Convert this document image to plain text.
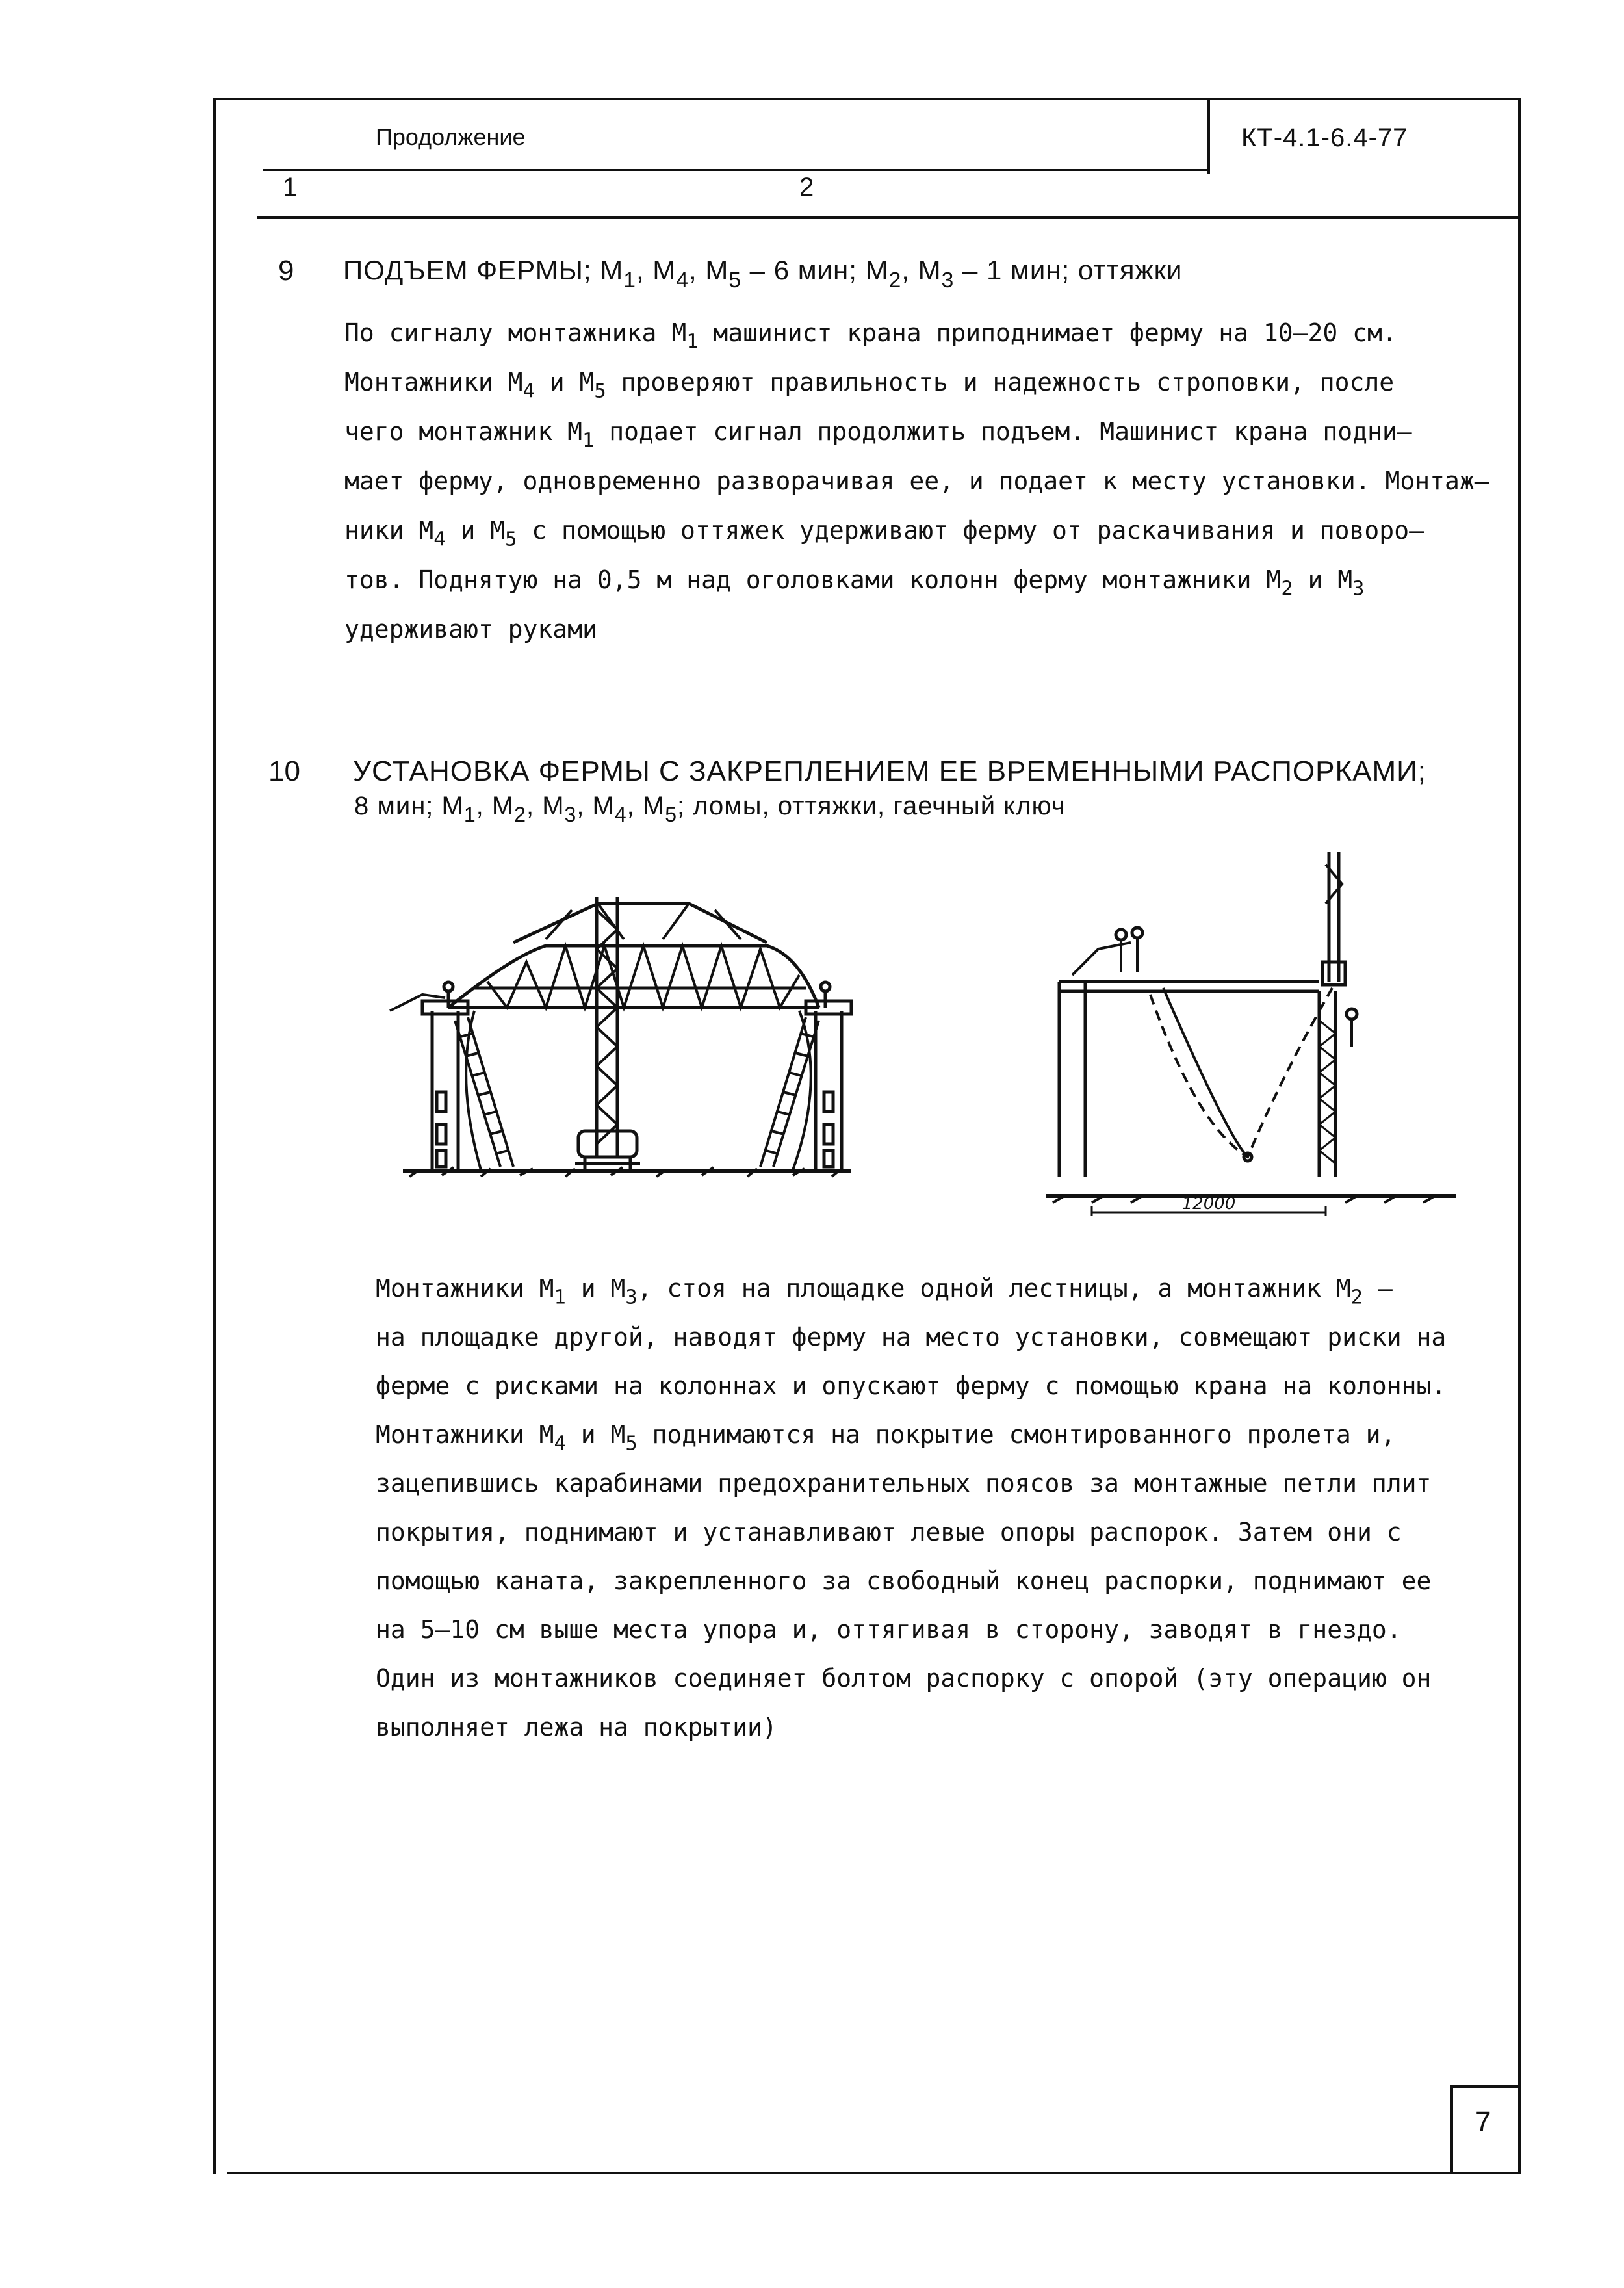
Продолжение	КТ-4.1-6.4-77
1	2
9 ПОДЪЕМ ФЕРМЫ; $М_1$, $М_4$, $М_5 - 6$ мин; $М_2$, $М_3 - 1$ мин; оттяжки
По сигналу монтажника $М_1$ машинист крана приподнимает ферму на 10–20 см.
Монтажники $М_4$ и $М_5$ проверяют правильность и надежность строповки, после
чего монтажник $М_1$ подает сигнал продолжить подъем. Машинист крана подни–
мает ферму, одновременно разворачивая ее, и подает к месту установки. Монтаж–
ники $М_4$ и $М_5$ с помощью оттяжек удерживают ферму от раскачивания и поворо–
тов. Поднятую на 0,5 м над оголовками колонн ферму монтажники $М_2$ и $М_3$
удерживают руками
10 УСТАНОВКА ФЕРМЫ С ЗАКРЕПЛЕНИЕМ ЕЕ ВРЕМЕННЫМИ РАСПОРКАМИ;
8 мин; $М_1$, $М_2$, $М_3$, $М_4$, $М_5$; ломы, оттяжки, гаечный ключ
12000
Монтажники $М_1$ и $М_3$, стоя на площадке одной лестницы, а монтажник $М_2$ –
на площадке другой, наводят ферму на место установки, совмещают риски на
ферме с рисками на колоннах и опускают ферму с помощью крана на колонны.
Монтажники $М_4$ и $М_5$ поднимаются на покрытие смонтированного пролета и,
зацепившись карабинами предохранительных поясов за монтажные петли плит
покрытия, поднимают и устанавливают левые опоры распорок. Затем они с
помощью каната, закрепленного за свободный конец распорки, поднимают ее
на 5–10 см выше места упора и, оттягивая в сторону, заводят в гнездо.
Один из монтажников соединяет болтом распорку с опорой (эту операцию он
выполняет лежа на покрытии)
7
